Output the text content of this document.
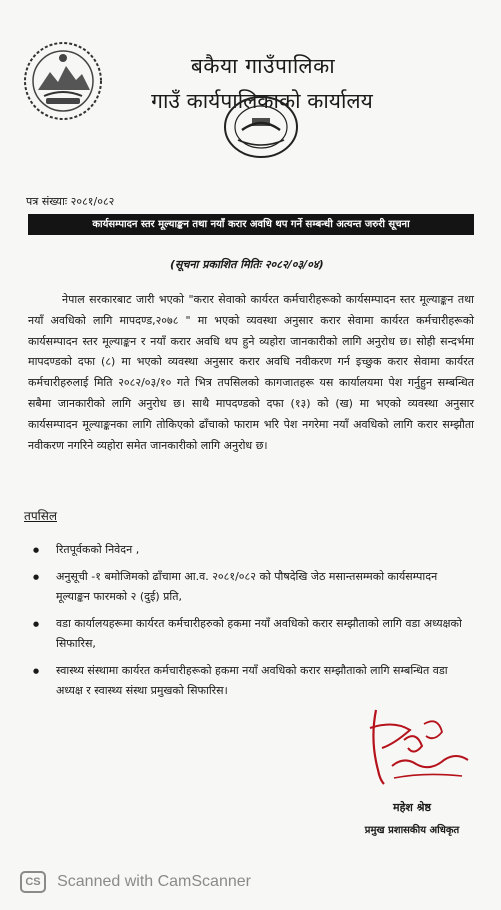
बकैया गाउँपालिका
गाउँ कार्यपालिकाको कार्यालय
पत्र संख्याः २०८१/०८२
कार्यसम्पादन स्तर मूल्याङ्कन तथा नयाँ करार अवधि थप गर्ने सम्बन्धी अत्यन्त जरुरी सूचना
(सूचना प्रकाशित मितिः २०८२/०३/०४)

नेपाल सरकारबाट जारी भएको "करार सेवाको कार्यरत कर्मचारीहरूको कार्यसम्पादन स्तर मूल्याङ्कन तथा नयाँ अवधिको लागि मापदण्ड,२०७८ " मा भएको व्यवस्था अनुसार करार सेवामा कार्यरत कर्मचारीहरूको कार्यसम्पादन स्तर मूल्याङ्कन र नयाँ करार अवधि थप हुने व्यहोरा जानकारीको लागि अनुरोध छ। सोही सन्दर्भमा मापदण्डको दफा (८) मा भएको व्यवस्था अनुसार करार अवधि नवीकरण गर्न इच्छुक करार सेवामा कार्यरत कर्मचारीहरुलाई मिति २०८२/०३/१० गते भित्र तपसिलको कागजातहरू यस कार्यालयमा पेश गर्नुहुन सम्बन्धित सबैमा जानकारीको लागि अनुरोध छ। साथै मापदण्डको दफा (१३) को (ख) मा भएको व्यवस्था अनुसार कार्यसम्पादन मूल्याङ्कनका लागि तोकिएको ढाँचाको फाराम भरि पेश नगरेमा नयाँ अवधिको लागि करार सम्झौता नवीकरण नगरिने व्यहोरा समेत जानकारीको लागि अनुरोध छ।

तपसिल
● रितपूर्वकको निवेदन ,
● अनुसूची -१ बमोजिमको ढाँचामा आ.व. २०८१/०८२ को पौषदेखि जेठ मसान्तसम्मको कार्यसम्पादन मूल्याङ्कन फारमको २ (दुई) प्रति,
● वडा कार्यालयहरूमा कार्यरत कर्मचारीहरुको हकमा नयाँ अवधिको करार सम्झौताको लागि वडा अध्यक्षको सिफारिस,
● स्वास्थ्य संस्थामा कार्यरत कर्मचारीहरूको हकमा नयाँ अवधिको करार सम्झौताको लागि सम्बन्धित वडा अध्यक्ष र स्वास्थ्य संस्था प्रमुखको सिफारिस।
महेश श्रेष्ठ
प्रमुख प्रशासकीय अधिकृत
CS Scanned with CamScanner
